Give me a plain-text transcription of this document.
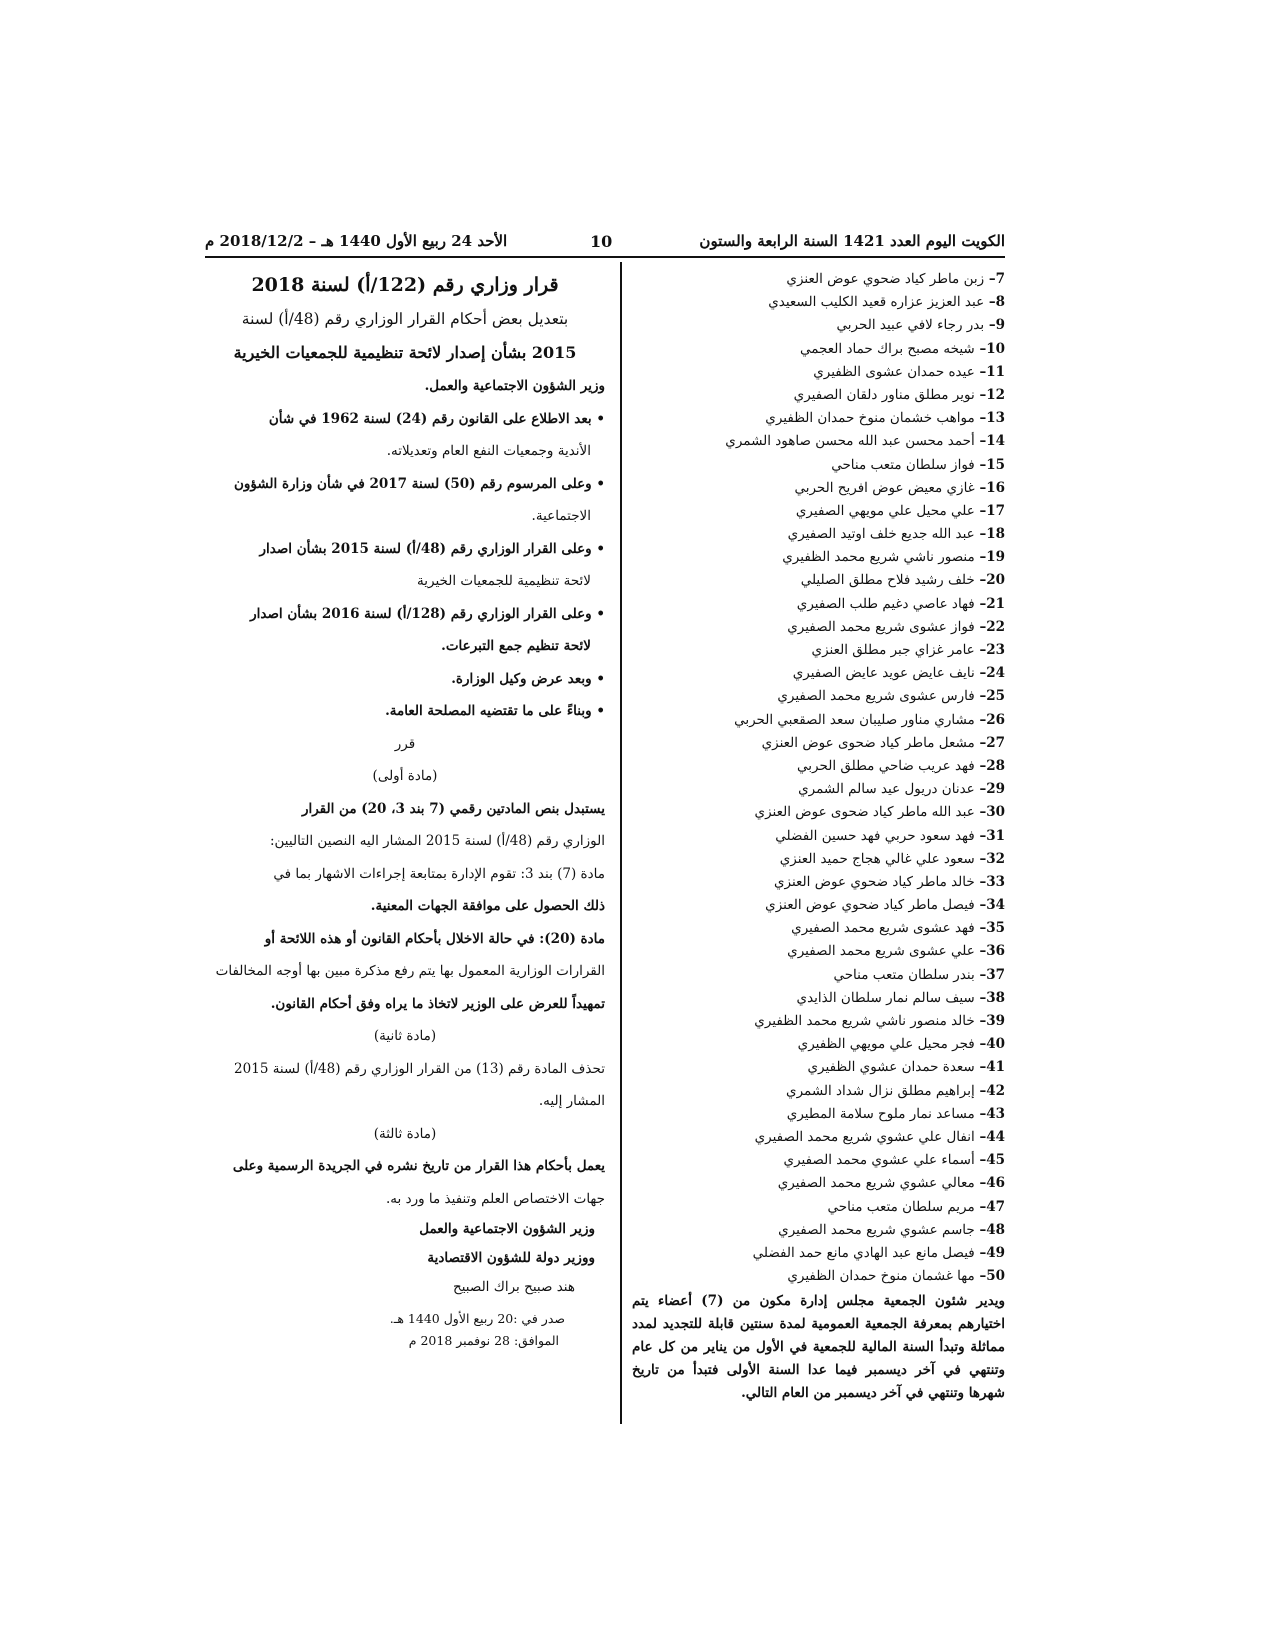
الكويت اليوم العدد 1421 السنة الرابعة والستون
10
الأحد 24 ربيع الأول 1440 هـ – 2018/12/2 م
7– زبن ماطر كياد ضحوي عوض العنزي
8– عبد العزيز عزاره قعيد الكليب السعيدي
9– بدر رجاء لافي عبيد الحربي
10– شيخه مصبح براك حماد العجمي
11– عيده حمدان عشوى الظفيري
12– نوير مطلق مناور دلقان الصفيري
13– مواهب خشمان منوخ حمدان الظفيري
14– أحمد محسن عبد الله محسن صاهود الشمري
15– فواز سلطان متعب مناحي
16– غازي معيض عوض افريح الحربي
17– علي محيل علي مويهي الصفيري
18– عبد الله جديع خلف اوتيد الصفيري
19– منصور ناشي شريع محمد الظفيري
20– خلف رشيد فلاح مطلق الصليلي
21– فهاد عاصي دغيم طلب الصفيري
22– فواز عشوى شريع محمد الصفيري
23– عامر غزاي جبر مطلق العنزي
24– نايف عايض عويد عايض الصفيري
25– فارس عشوى شريع محمد الصفيري
26– مشاري مناور صليبان سعد الصقعبي الحربي
27– مشعل ماطر كياد ضحوى عوض العنزي
28– فهد عريب ضاحي مطلق الحربي
29– عدنان دريول عيد سالم الشمري
30– عبد الله ماطر كياد ضحوى عوض العنزي
31– فهد سعود حربي فهد حسين الفضلي
32– سعود علي غالي هجاج حميد العنزي
33– خالد ماطر كياد ضحوي عوض العنزي
34– فيصل ماطر كياد ضحوي عوض العنزي
35– فهد عشوى شريع محمد الصفيري
36– علي عشوى شريع محمد الصفيري
37– بندر سلطان متعب مناحي
38– سيف سالم نمار سلطان الذايدي
39– خالد منصور ناشي شريع محمد الظفيري
40– فجر محيل علي مويهي الظفيري
41– سعدة حمدان عشوي الظفيري
42– إبراهيم مطلق نزال شداد الشمري
43– مساعد نمار ملوح سلامة المطيري
44– انفال علي عشوي شريع محمد الصفيري
45– أسماء علي عشوي محمد الصفيري
46– معالي عشوي شريع محمد الصفيري
47– مريم سلطان متعب مناحي
48– جاسم عشوي شريع محمد الصفيري
49– فيصل مانع عبد الهادي مانع حمد الفضلي
50– مها غشمان منوخ حمدان الظفيري
ويدير شئون الجمعية مجلس إدارة مكون من (7) أعضاء يتم اختيارهم بمعرفة الجمعية العمومية لمدة سنتين قابلة للتجديد لمدد مماثلة وتبدأ السنة المالية للجمعية في الأول من يناير من كل عام وتنتهي في آخر ديسمبر فيما عدا السنة الأولى فتبدأ من تاريخ شهرها وتنتهي في آخر ديسمبر من العام التالي.
قرار وزاري رقم (122/أ) لسنة 2018
بتعديل بعض أحكام القرار الوزاري رقم (48/أ) لسنة
2015 بشأن إصدار لائحة تنظيمية للجمعيات الخيرية
وزير الشؤون الاجتماعية والعمل.
• بعد الاطلاع على القانون رقم (24) لسنة 1962 في شأن
الأندية وجمعيات النفع العام وتعديلاته.
• وعلى المرسوم رقم (50) لسنة 2017 في شأن وزارة الشؤون
الاجتماعية.
• وعلى القرار الوزاري رقم (48/أ) لسنة 2015 بشأن اصدار
لائحة تنظيمية للجمعيات الخيرية
• وعلى القرار الوزاري رقم (128/أ) لسنة 2016 بشأن اصدار
لائحة تنظيم جمع التبرعات.
• وبعد عرض وكيل الوزارة.
• وبناءً على ما تقتضيه المصلحة العامة.
قرر
(مادة أولى)
يستبدل بنص المادتين رقمي (7 بند 3، 20) من القرار
الوزاري رقم (48/أ) لسنة 2015 المشار اليه النصين التاليين:
مادة (7) بند 3: تقوم الإدارة بمتابعة إجراءات الاشهار بما في
ذلك الحصول على موافقة الجهات المعنية.
مادة (20): في حالة الاخلال بأحكام القانون أو هذه اللائحة أو
القرارات الوزارية المعمول بها يتم رفع مذكرة مبين بها أوجه المخالفات
تمهيداً للعرض على الوزير لاتخاذ ما يراه وفق أحكام القانون.
(مادة ثانية)
تحذف المادة رقم (13) من القرار الوزاري رقم (48/أ) لسنة 2015
المشار إليه.
(مادة ثالثة)
يعمل بأحكام هذا القرار من تاريخ نشره في الجريدة الرسمية وعلى
جهات الاختصاص العلم وتنفيذ ما ورد به.
وزير الشؤون الاجتماعية والعمل
ووزير دولة للشؤون الاقتصادية
هند صبيح براك الصبيح
صدر في :20 ربيع الأول 1440 هـ.
الموافق: 28 نوفمبر 2018 م
